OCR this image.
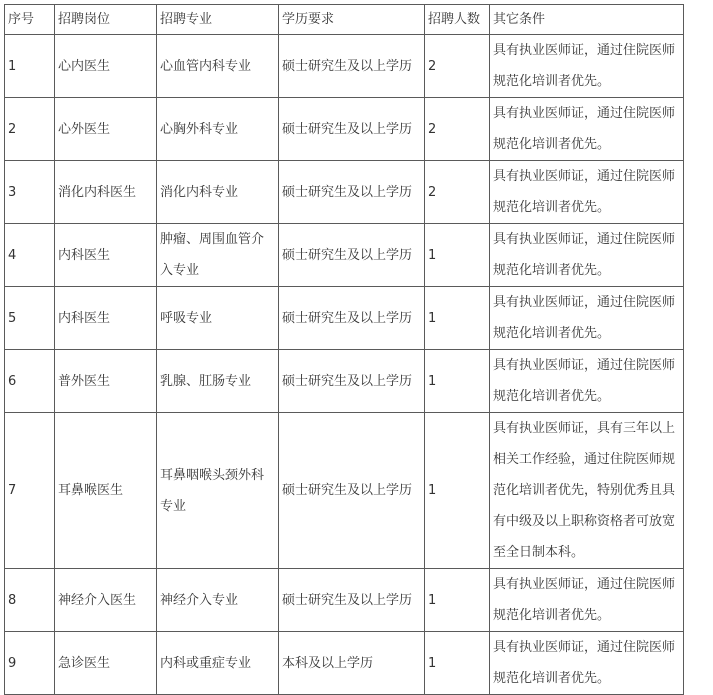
序号	招聘岗位	招聘专业	学历要求	招聘人数	其它条件
1	心内医生	心血管内科专业	硕士研究生及以上学历	2	具有执业医师证，通过住院医师规范化培训者优先。
2	心外医生	心胸外科专业	硕士研究生及以上学历	2	具有执业医师证，通过住院医师规范化培训者优先。
3	消化内科医生	消化内科专业	硕士研究生及以上学历	2	具有执业医师证，通过住院医师规范化培训者优先。
4	内科医生	肿瘤、周围血管介入专业	硕士研究生及以上学历	1	具有执业医师证，通过住院医师规范化培训者优先。
5	内科医生	呼吸专业	硕士研究生及以上学历	1	具有执业医师证，通过住院医师规范化培训者优先。
6	普外医生	乳腺、肛肠专业	硕士研究生及以上学历	1	具有执业医师证，通过住院医师规范化培训者优先。
7	耳鼻喉医生	耳鼻咽喉头颈外科专业	硕士研究生及以上学历	1	具有执业医师证，具有三年以上相关工作经验，通过住院医师规范化培训者优先，特别优秀且具有中级及以上职称资格者可放宽至全日制本科。
8	神经介入医生	神经介入专业	硕士研究生及以上学历	1	具有执业医师证，通过住院医师规范化培训者优先。
9	急诊医生	内科或重症专业	本科及以上学历	1	具有执业医师证，通过住院医师规范化培训者优先。
